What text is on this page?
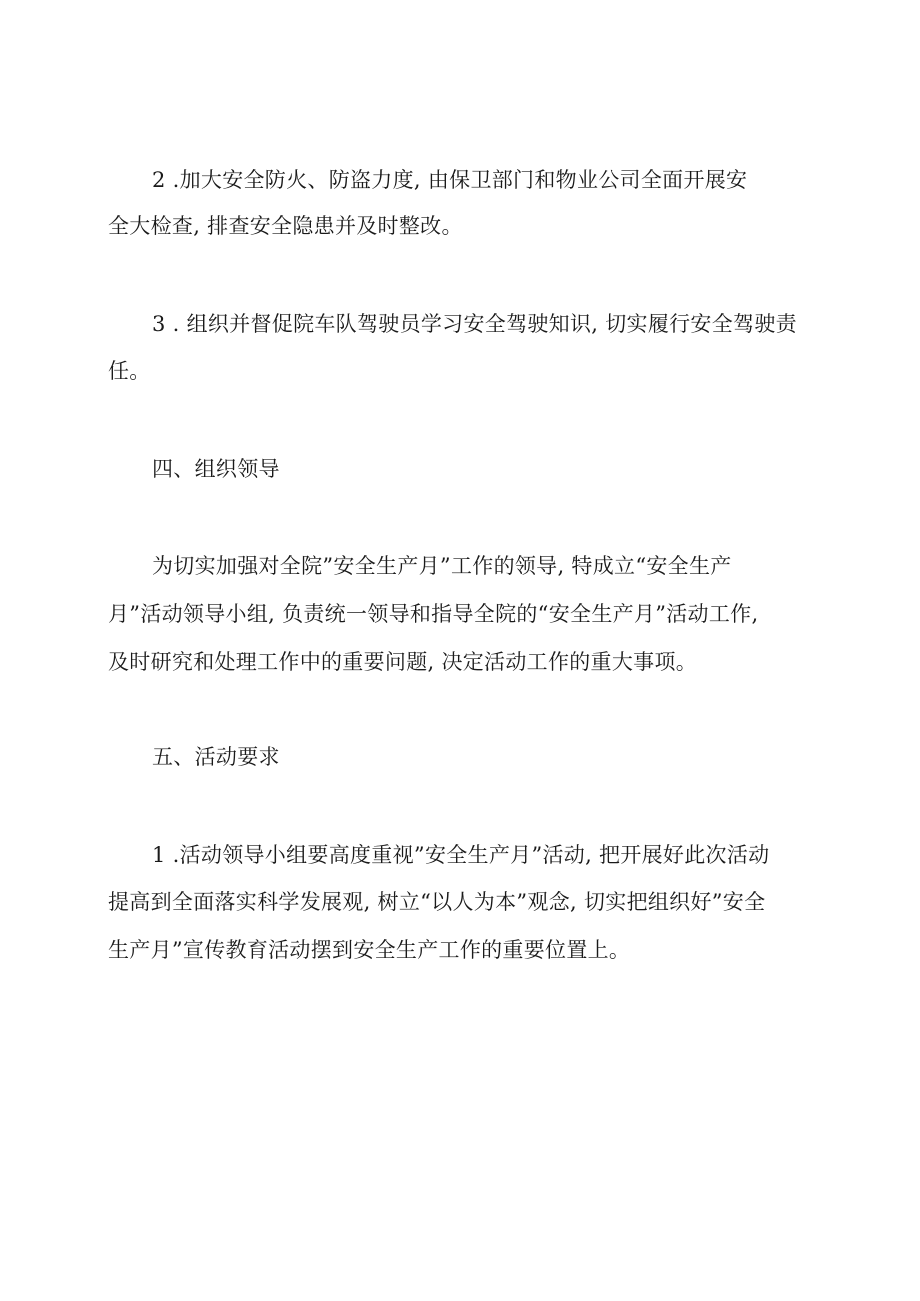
2 .加大安全防火、防盗力度, 由保卫部门和物业公司全面开展安
全大检查, 排查安全隐患并及时整改。
3 . 组织并督促院车队驾驶员学习安全驾驶知识, 切实履行安全驾驶责
任。
四、组织领导
为切实加强对全院”安全生产月”工作的领导, 特成立“安全生产
月”活动领导小组, 负责统一领导和指导全院的“安全生产月”活动工作,
及时研究和处理工作中的重要问题, 决定活动工作的重大事项。
五、活动要求
1 .活动领导小组要高度重视”安全生产月”活动, 把开展好此次活动
提高到全面落实科学发展观, 树立“以人为本”观念, 切实把组织好”安全
生产月”宣传教育活动摆到安全生产工作的重要位置上。
